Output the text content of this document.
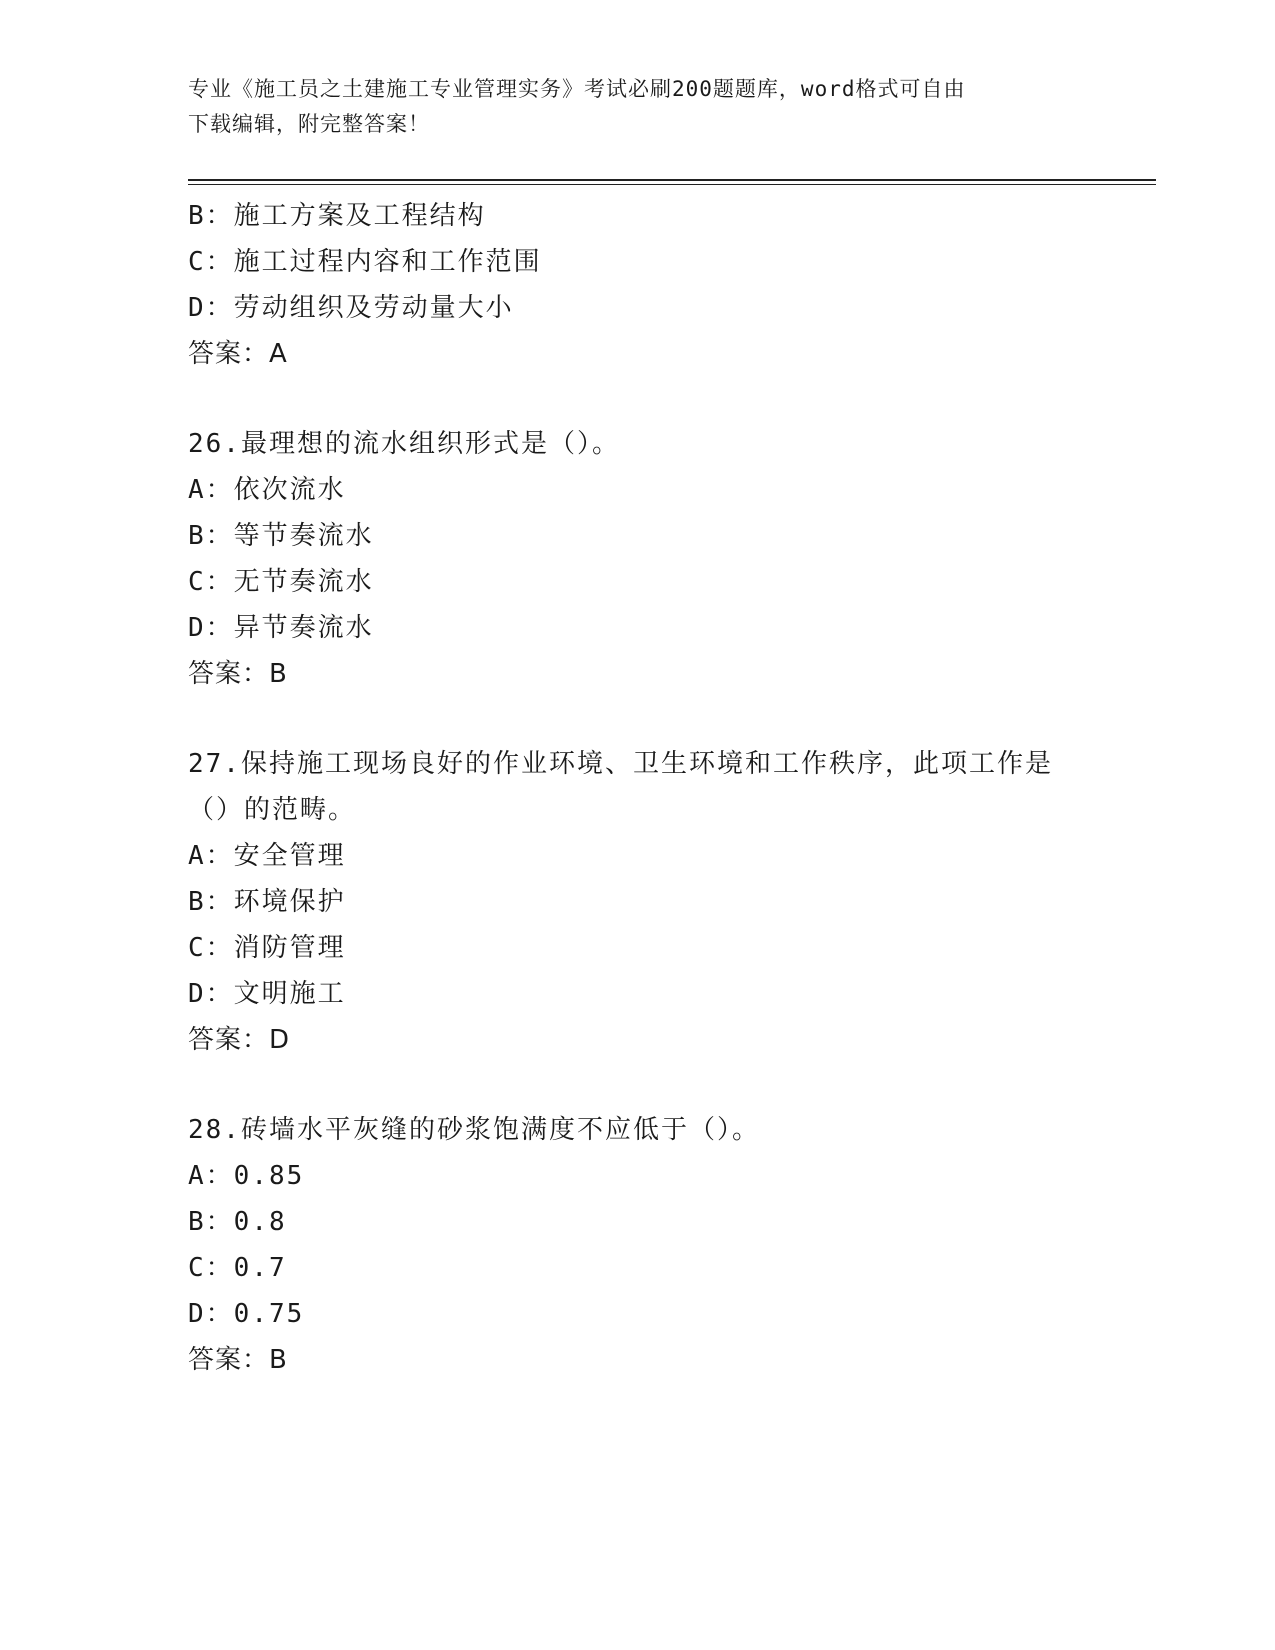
专业《施工员之土建施工专业管理实务》考试必刷200题题库，word格式可自由
下载编辑，附完整答案！
B：施工方案及工程结构
C：施工过程内容和工作范围
D：劳动组织及劳动量大小
答案：A
26.最理想的流水组织形式是（）。
A：依次流水
B：等节奏流水
C：无节奏流水
D：异节奏流水
答案：B
27.保持施工现场良好的作业环境、卫生环境和工作秩序，此项工作是
（）的范畴。
A：安全管理
B：环境保护
C：消防管理
D：文明施工
答案：D
28.砖墙水平灰缝的砂浆饱满度不应低于（）。
A：0.85
B：0.8
C：0.7
D：0.75
答案：B
